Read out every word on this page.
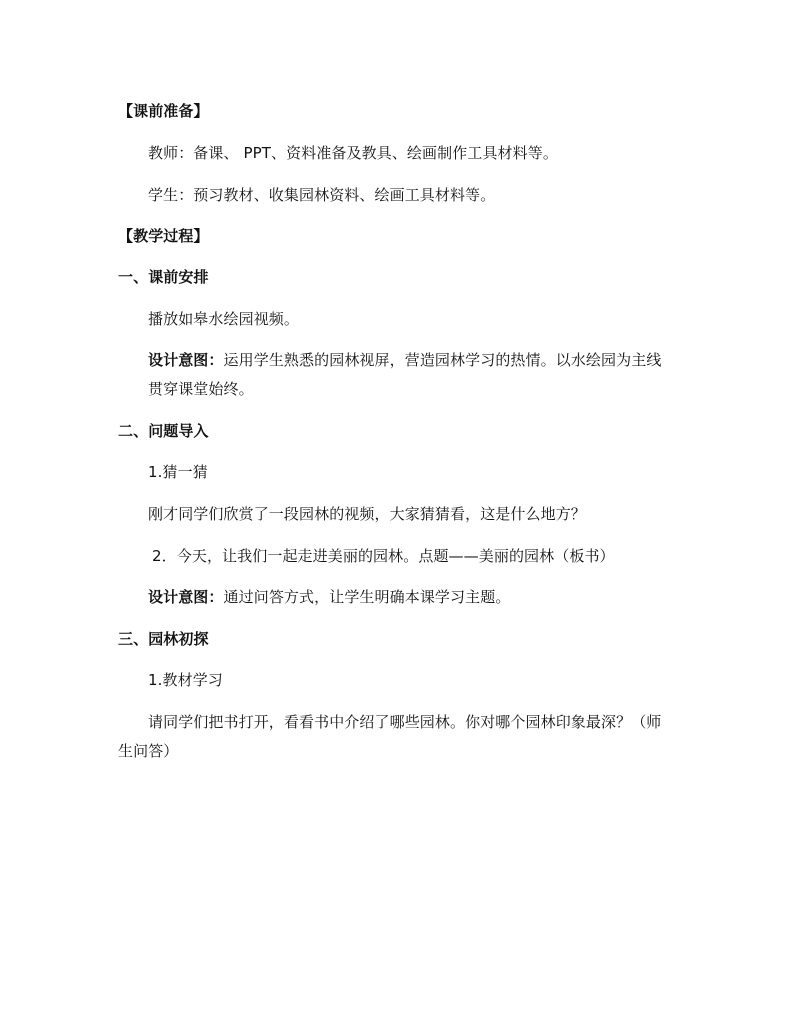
【课前准备】
教师：备课、 PPT、资料准备及教具、绘画制作工具材料等。
学生：预习教材、收集园林资料、绘画工具材料等。
【教学过程】
一、课前安排
播放如皋水绘园视频。
设计意图：运用学生熟悉的园林视屏，营造园林学习的热情。以水绘园为主线
贯穿课堂始终。
二、问题导入
1.猜一猜
刚才同学们欣赏了一段园林的视频，大家猜猜看，这是什么地方？
2．今天，让我们一起走进美丽的园林。点题——美丽的园林（板书）
设计意图：通过问答方式，让学生明确本课学习主题。
三、园林初探
1.教材学习
请同学们把书打开，看看书中介绍了哪些园林。你对哪个园林印象最深？（师
生问答）
